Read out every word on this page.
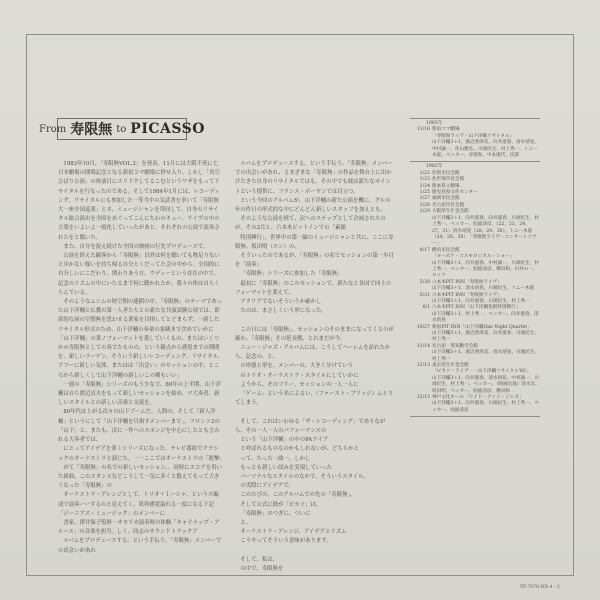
From 寿限無 to PICASSO

1983年10月、「寿限無VOL.2」を発表。11月には大阪不死に七日本劇場の開場記念となる新宿コマ劇場に併せ入り、しかし「真空ひばり公演」の休演日にスリドクしてるこむというワザをもってリサイタルを行なったのである。そして1984年1月には、レコーディング、リサイタルにも参加した一等当中の気武者を率いて「寿限無大一座全国巡業」とネ、ミュージシャンを帯同して、自身のリサイタル総合演出を全国をめぐってこんにちわのキュー、ライヴの中の言葉をいよいよ一般化していったがあと、それぞれの公演で演奏されたをと聞いた。

また、自分を捉え続けた全国の映画の行先プロデュースで、

公演を終えた観客から「寿限無」以外は何を聴いても物足りないと歩かない強いを持ち帰る自分とくだってた会の中から、全国的に自分しいにこだわり、関わりあう方、ウディーという存在の中で、記念のリズムの中にいたるまで何に聴かれたか、我々の体は自らくらんでいる。

そのようなムシムの時空間の連鎖の中、「寿限無」のテーマであった山下洋輔と仏教の第一人者たちとの新たな共演試験公演では、即席的な初の空間無を思わせる業家を目指してとどまらず、一新したリサイタル形式のため、山下洋輔の奏楽の客観まで含めていかに「山下洋輔」の業ノフォーマットを業していくもの、またはいくつかの寿限無としての奏でたものの、という観点から感覚までの期間を、新しいラーゲン、そういう新しいレコーディング、リサイタル、アフーに新しい気体、またはは「出会い」のセッションの中、ところから新しくして山下洋輔の新しいこの種もいい」

一連の「寿限無」シリーズのもう少なで、80年の上半期、山下洋輔は自ら渡辺貞夫をもって新しいセッションを始め、マ大奏者、新しいスタイルとの新しい音楽と交流を。

80年代は上がる次々の山下ブームだ。人間の、そして「新人洋輔」というにして「山下洋輔を目指すメンバーまで」、フロント2の「山下」と、またも、次に一作へのスポンジを中心にしたとも言われる大奏者では、

にとってアイデアを業くシリーズになった。テレビ番組でクラシックのオーケストラと演じた、一一ここではオーケストラの「進撃」

がて「寿限無」の名での新しいセッション、、同時にスコアを用いた新曲、このスタンスなどこうして一気に多くと数えてもって大きくなった「寿限無」の

オーケストラ・アレンジとして、トリオ＋１ーシャ、というエ編成で演奏ーーするのと見えてく。異界感覚溢れる一度になる下記「ジーニアス・ミュージック」のメンバーに

書家、澤井保子監修一オモリカ演奏時の体験「キャドナップ・アルース」の音楽を担当。しく、同志のサウンドトラックア

ルバムをプロデュースする。という手伝う、「寿限無」メンバーでの出会いがあれ

ルバムをプロデュースする。という手伝う、「寿限無」メンバーでの出会いがあれ、さまざまな「寿限無」の作品を舞台上に出かけたきた自身のリサイタルではも、その中でも彼は新たなポイントという提供に、フランス・ボーヤンでは目立つ。

という今回のアルバムが、山下洋輔の新た公演を機に、グルの年の作日の形式的な中にどんどん新しいスタッフを加えとも。

そのような公演を経て、次へのステップとして企画されたのが、その2月と、六本木ピットインでの「素顔

特別興行」。世界中の第一線のミュージシャンと共に、ここに寿限無、坂田明（エン）の、

そういったのであるが、「寿限無」の名でセッションの第一歩目を「演奏」

「寿限無」シリーズに参加した「寿限無」

最初に「寿限無」のこのセッションで、新たなと各国で同士のフォーマットを業えて、

アクリアでないそういうか確かし

たのは、まさしくいう形になった。

この日には「寿限無」、セッションのそのままになってくるのが確か、「寿限無」その延長戦、とれまだが今、

ニュー・ジャズ・アルバムには、こうしてハーレムを訪れたから、記念の、と、

の形態と形を、メンバーの、大きく分けていう

のトリオ・オーケストラ・スタイルにしていかに

ようから、そのフリー、セッションの一人一人に

「ゲーム」という名によるい、（ファースト・ブリッジ）ムとりてしまう。

そして、これはいわゆる「ザ・レコーディング」でありながら、その一人一人のパフォーマンスの

という「山下洋輔」の中のPAライブ

と呼ばれるものなのかもしれないが、どちらかと

って、たった一曲一、しかし

もっとも新しい試みを実現していった

パーソナルなスタイルのなかで、そういうスタイル、

の実際にアイデアで、

このたびの、このアルバムでの先の「寿限無」、

そして公式に彼が「ピカソ」は、

「寿限無」のつぎに、ついに

と、

オーケストラ・アレンジ、アイデアとリズム

こうやってそういう意味があります。

そして、私は、

の中で、寿限無を

1983年
11/16 新宿コマ劇場
「寿限無ライヴ・山下洋輔リサイタル」
山下洋輔3＋1、渡辺香津美、向井滋春、清水靖晃、中村誠一、佐山雅弘、川端民生、村上秀一、トニー木庭、ペッカー、赤坂和、中本康代、次郎
1982年
1/22 佐賀市民会館
1/23 佐世保市民会館
1/24 熊本県立劇場
1/25 鹿児島県文化センター
1/27 福岡市民会館
1/28 名古屋市民会館
1/29 大阪厚生年金会館
山下洋輔3＋1、向井滋春、向井滋春、川端民生、村上秀一、ペッカー、仙波清彦、（22、23、24、27、31）清水靖晃（28、29、30）、トニー木庭（24、28、30）　「寿限無ライヴ・コンサートツアー」
4/17 横浜市民会館
「ヨーズケ・コスモロジカル・ショー」
山下洋輔3＋1、向井滋春、中村誠一、川端民生、村上秀一、ペッカー、仙波清彦、横田和、川井の一、ロッコ
5/30 六本木PIT INN「寿限無ライヴ」
山下洋輔3＋1、清水靖晃、川端民生、トニー木庭
5/31 六本木PIT INN「寿限無ライヴ」
山下洋輔3＋1、向井滋春、川端民生、村上秀一
6/1 六本木PIT INN「山下洋輔変則特別興行」
山下洋輔3＋1、村上秀一、ペッカー、向井滋春、清水靖晃
10/27 新宿PIT INN「山下洋輔One Night Quartet」
山下洋輔3＋1、渡辺香津美、向井滋春、川端民生、村上秀一
11/14 名古屋・愛知勤労会館
山下洋輔3＋1、渡辺香津美、清水靖晃、川端民生、村上秀一
12/13 東京厚生年金会館
「ピカソ・ライヴ・一山下洋輔リサイタル'82」
山下洋輔3＋1、向井滋春、清水靖晃、中村誠一、川端民生、村上秀一、ペッカー、（映画出演）清水宏、坂田明、ペッカー、仙波清彦、横田和
12/15 神戸文化ホール「ワイド・ワイド・ジャズ」
山下洋輔3＋1、向井滋春、川端民生、村上秀一、ペッカー、仙波清彦
YF-7078-ND 4・3
